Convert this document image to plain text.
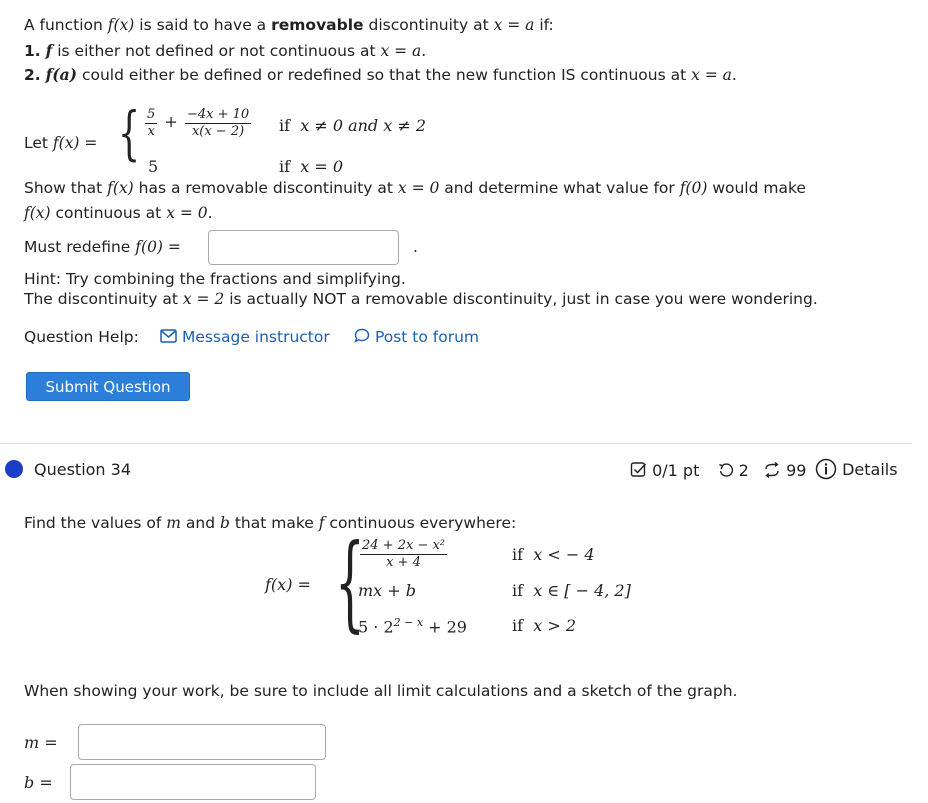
A function f(x) is said to have a removable discontinuity at x = a if:
1. f is either not defined or not continuous at x = a.
2. f(a) could either be defined or redefined so that the new function IS continuous at x = a.
Let f(x) = { $\frac{5}{x} + \frac{-4x + 10}{x(x - 2)}$ if x ≠ 0 and x ≠ 2
5	if x = 0
Show that f(x) has a removable discontinuity at x = 0 and determine what value for f(0) would make
f(x) continuous at x = 0.
Must redefine f(0) =	.
Hint: Try combining the fractions and simplifying.
The discontinuity at x = 2 is actually NOT a removable discontinuity, just in case you were wondering.
Question Help:	Message instructor	Post to forum
Submit Question
Question 34	0/1 pt 2 99	Details
Find the values of m and b that make f continuous everywhere:
f(x) = {
$\frac{\text{24 + 2x − x²}}{x + 4}$	if x < − 4
mx + b	if x ∈ [ − 4, 2]
$5 \cdot 2^{2 - x} + 29$	if x > 2
When showing your work, be sure to include all limit calculations and a sketch of the graph.
m =
b =
